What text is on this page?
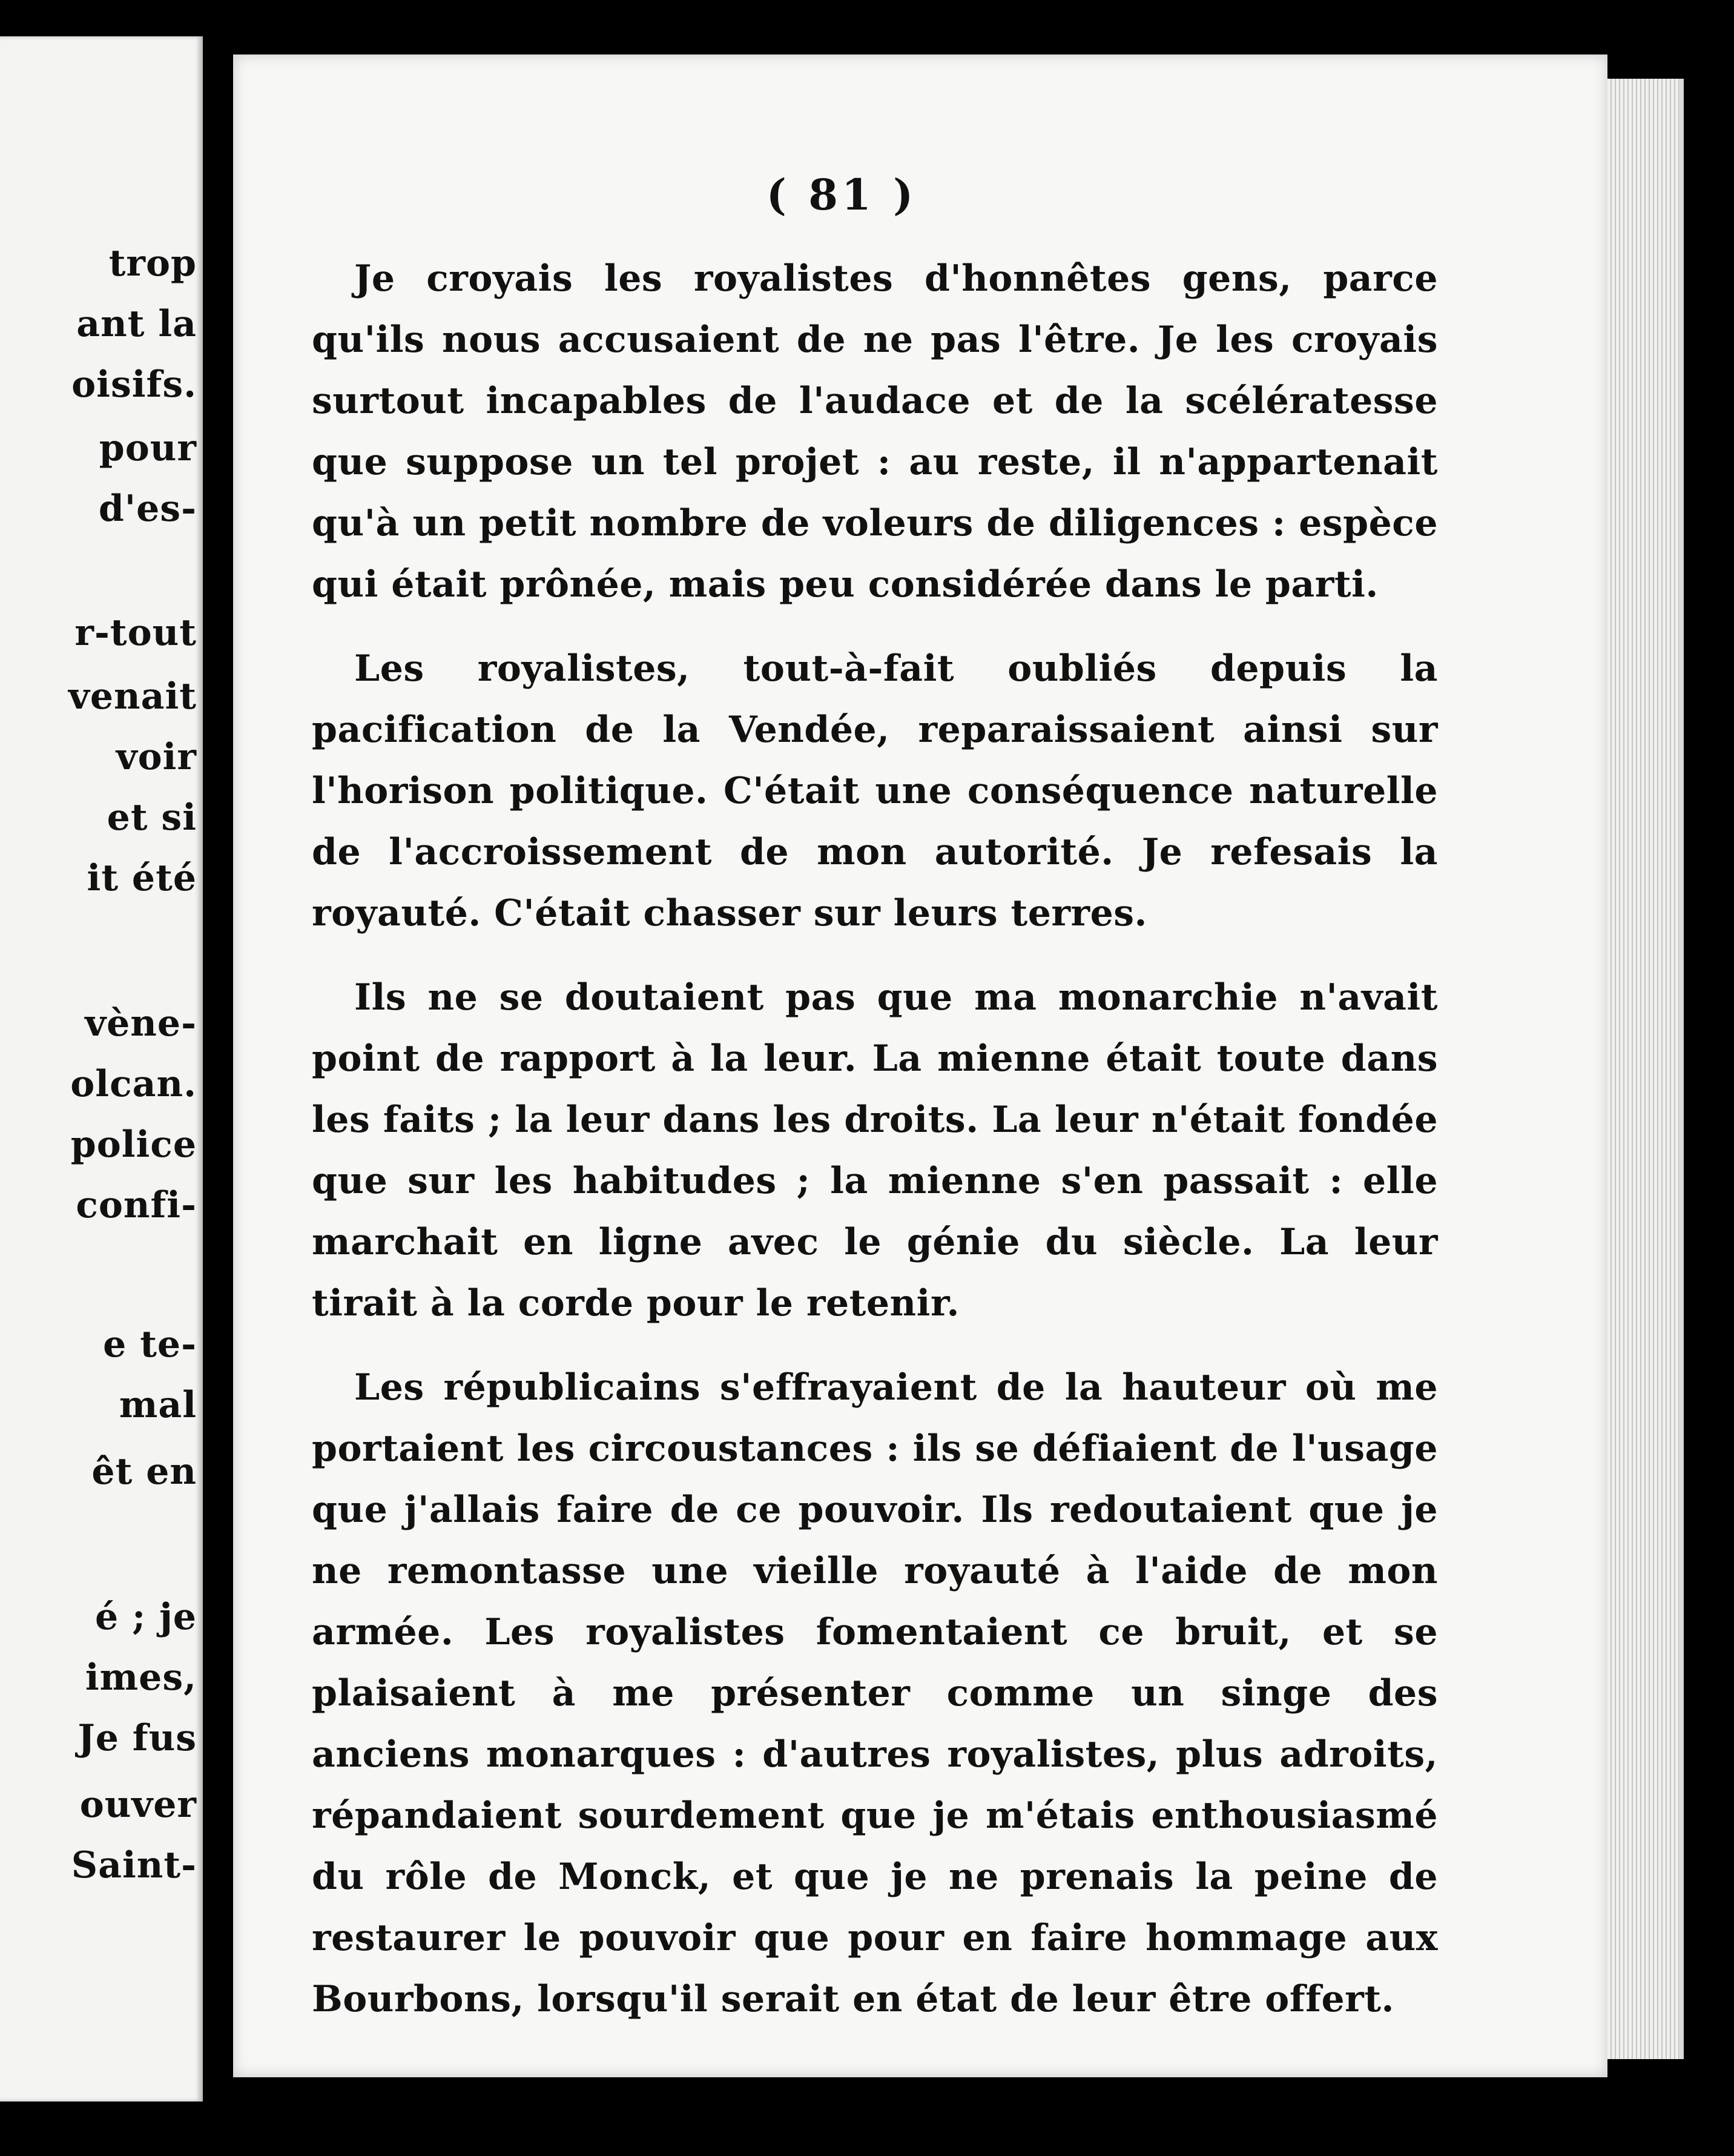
trop
ant la
oisifs.
pour
d'es-
r-tout
venait
voir
et si
it été
vène-
olcan.
police
confi-
e te-
mal
êt en
é ; je
imes,
Je fus
ouver
Saint-
( 81 )

Je croyais les royalistes d'honnêtes gens, parce qu'ils nous accusaient de ne pas l'être. Je les croyais surtout incapables de l'audace et de la scélératesse que suppose un tel projet : au reste, il n'appartenait qu'à un petit nombre de voleurs de diligences : espèce qui était prônée, mais peu considérée dans le parti.

Les royalistes, tout-à-fait oubliés depuis la pacification de la Vendée, reparaissaient ainsi sur l'horison politique. C'était une conséquence naturelle de l'accroissement de mon autorité. Je refesais la royauté. C'était chasser sur leurs terres.

Ils ne se doutaient pas que ma monarchie n'avait point de rapport à la leur. La mienne était toute dans les faits ; la leur dans les droits. La leur n'était fondée que sur les habitudes ; la mienne s'en passait : elle marchait en ligne avec le génie du siècle. La leur tirait à la corde pour le retenir.

Les républicains s'effrayaient de la hauteur où me portaient les circoustances : ils se défiaient de l'usage que j'allais faire de ce pouvoir. Ils redoutaient que je ne remontasse une vieille royauté à l'aide de mon armée. Les royalistes fomentaient ce bruit, et se plaisaient à me présenter comme un singe des anciens monarques : d'autres royalistes, plus adroits, répandaient sourdement que je m'étais enthousiasmé du rôle de Monck, et que je ne prenais la peine de restaurer le pouvoir que pour en faire hommage aux Bourbons, lorsqu'il serait en état de leur être offert.
